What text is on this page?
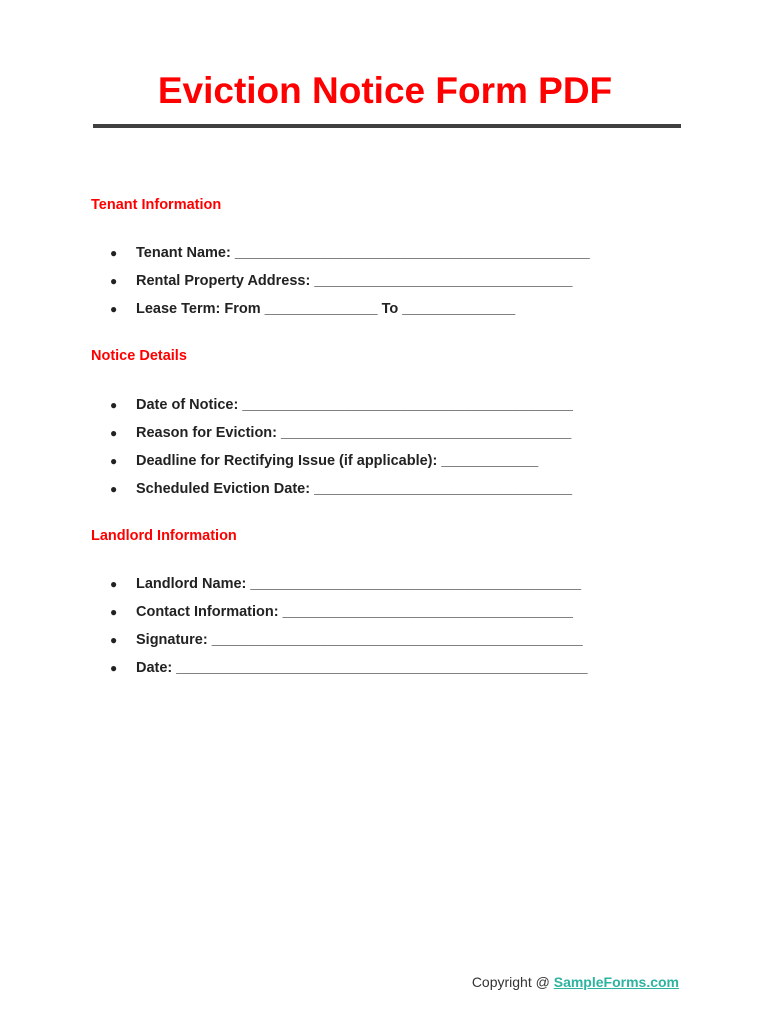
Eviction Notice Form PDF
Tenant Information
● Tenant Name: ____________________________________________
● Rental Property Address: ________________________________
● Lease Term: From ______________ To ______________
Notice Details
● Date of Notice: _________________________________________
● Reason for Eviction: ____________________________________
● Deadline for Rectifying Issue (if applicable): ____________
● Scheduled Eviction Date: ________________________________
Landlord Information
● Landlord Name: _________________________________________
● Contact Information: ____________________________________
● Signature: ______________________________________________
● Date: ___________________________________________________
Copyright @ SampleForms.com
